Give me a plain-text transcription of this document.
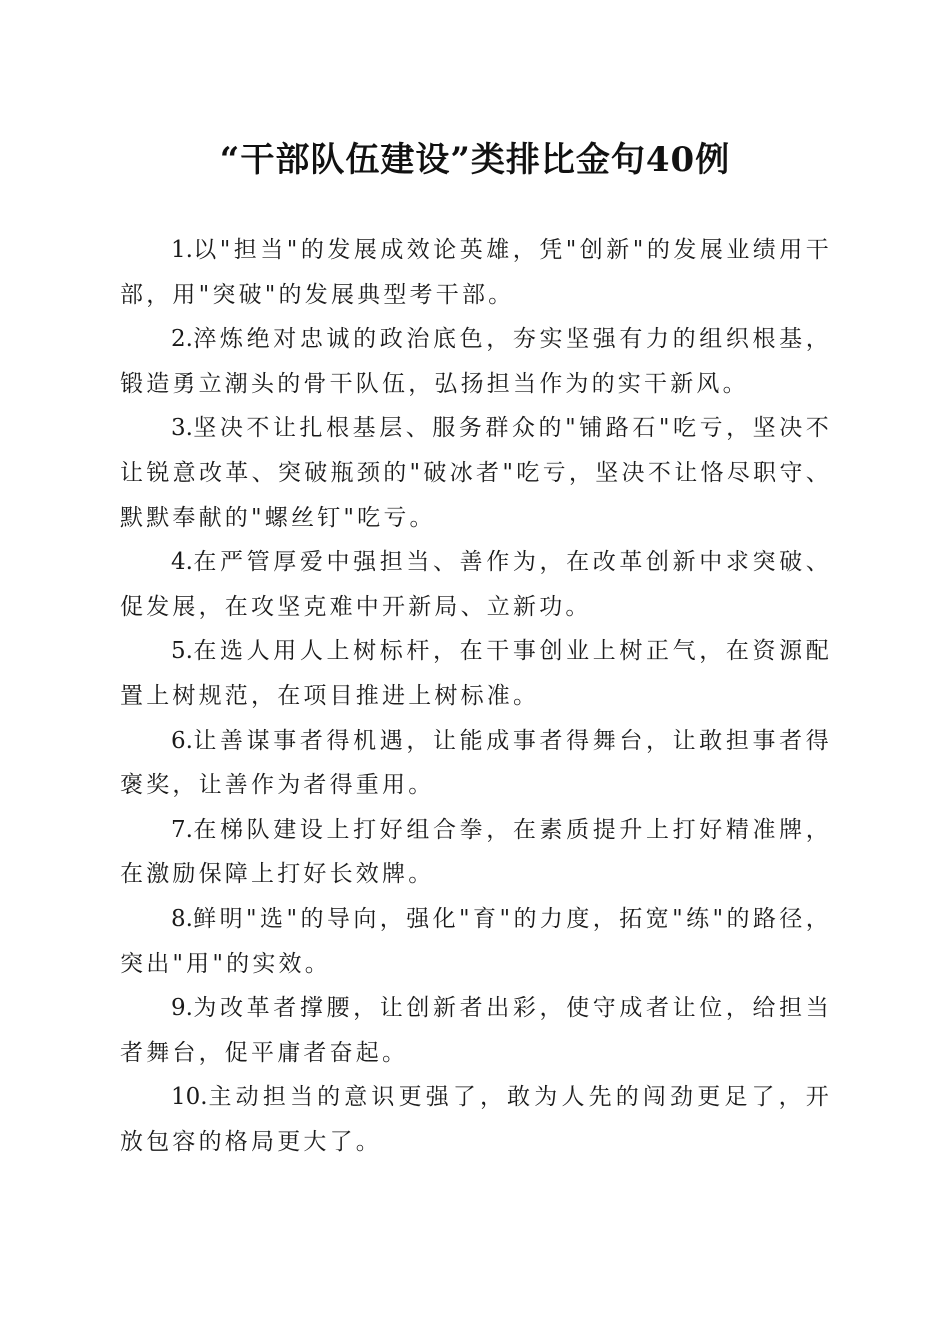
“干部队伍建设”类排比金句40例

1.以"担当"的发展成效论英雄，凭"创新"的发展业绩用干部，用"突破"的发展典型考干部。

2.淬炼绝对忠诚的政治底色，夯实坚强有力的组织根基，锻造勇立潮头的骨干队伍，弘扬担当作为的实干新风。

3.坚决不让扎根基层、服务群众的"铺路石"吃亏，坚决不让锐意改革、突破瓶颈的"破冰者"吃亏，坚决不让恪尽职守、默默奉献的"螺丝钉"吃亏。

4.在严管厚爱中强担当、善作为，在改革创新中求突破、促发展，在攻坚克难中开新局、立新功。

5.在选人用人上树标杆，在干事创业上树正气，在资源配置上树规范，在项目推进上树标准。

6.让善谋事者得机遇，让能成事者得舞台，让敢担事者得褒奖，让善作为者得重用。

7.在梯队建设上打好组合拳，在素质提升上打好精准牌，在激励保障上打好长效牌。

8.鲜明"选"的导向，强化"育"的力度，拓宽"练"的路径，突出"用"的实效。

9.为改革者撑腰，让创新者出彩，使守成者让位，给担当者舞台，促平庸者奋起。

10.主动担当的意识更强了，敢为人先的闯劲更足了，开放包容的格局更大了。
